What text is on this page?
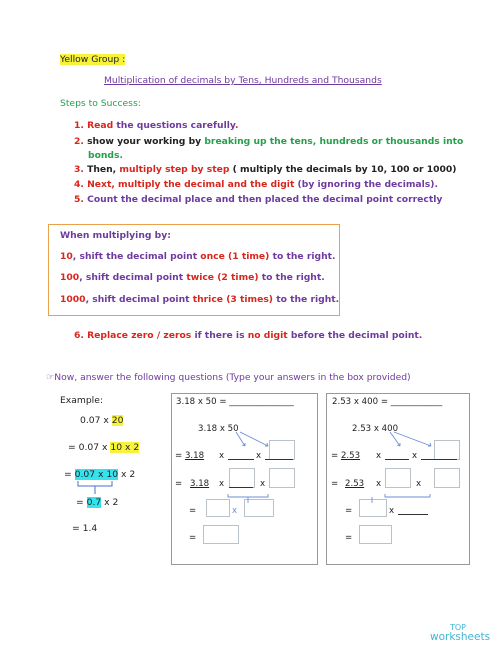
Yellow Group :
Multiplication of decimals by Tens, Hundreds and Thousands
Steps to Success:
1. Read the questions carefully.
2. show your working by breaking up the tens, hundreds or thousands into
bonds.
3. Then, multiply step by step ( multiply the decimals by 10, 100 or 1000)
4. Next, multiply the decimal and the digit (by ignoring the decimals).
5. Count the decimal place and then placed the decimal point correctly
When multiplying by:
10, shift the decimal point once (1 time) to the right.
100, shift decimal point twice (2 time) to the right.
1000, shift decimal point thrice (3 times) to the right.
6. Replace zero / zeros if there is no digit before the decimal point.
☞Now, answer the following questions (Type your answers in the box provided)
Example:
0.07 x 20
= 0.07 x 10 x 2
= 0.07 x 10 x 2
= 0.7 x 2
= 1.4
3.18 x 50 = _______________
3.18 x 50
= 3.18 x	x
= 3.18 x	x
=	x
=
2.53 x 400 = ____________
2.53 x 400
= 2.53 x	x
= 2.53 x	x
=	x
=
TOP
worksheets
